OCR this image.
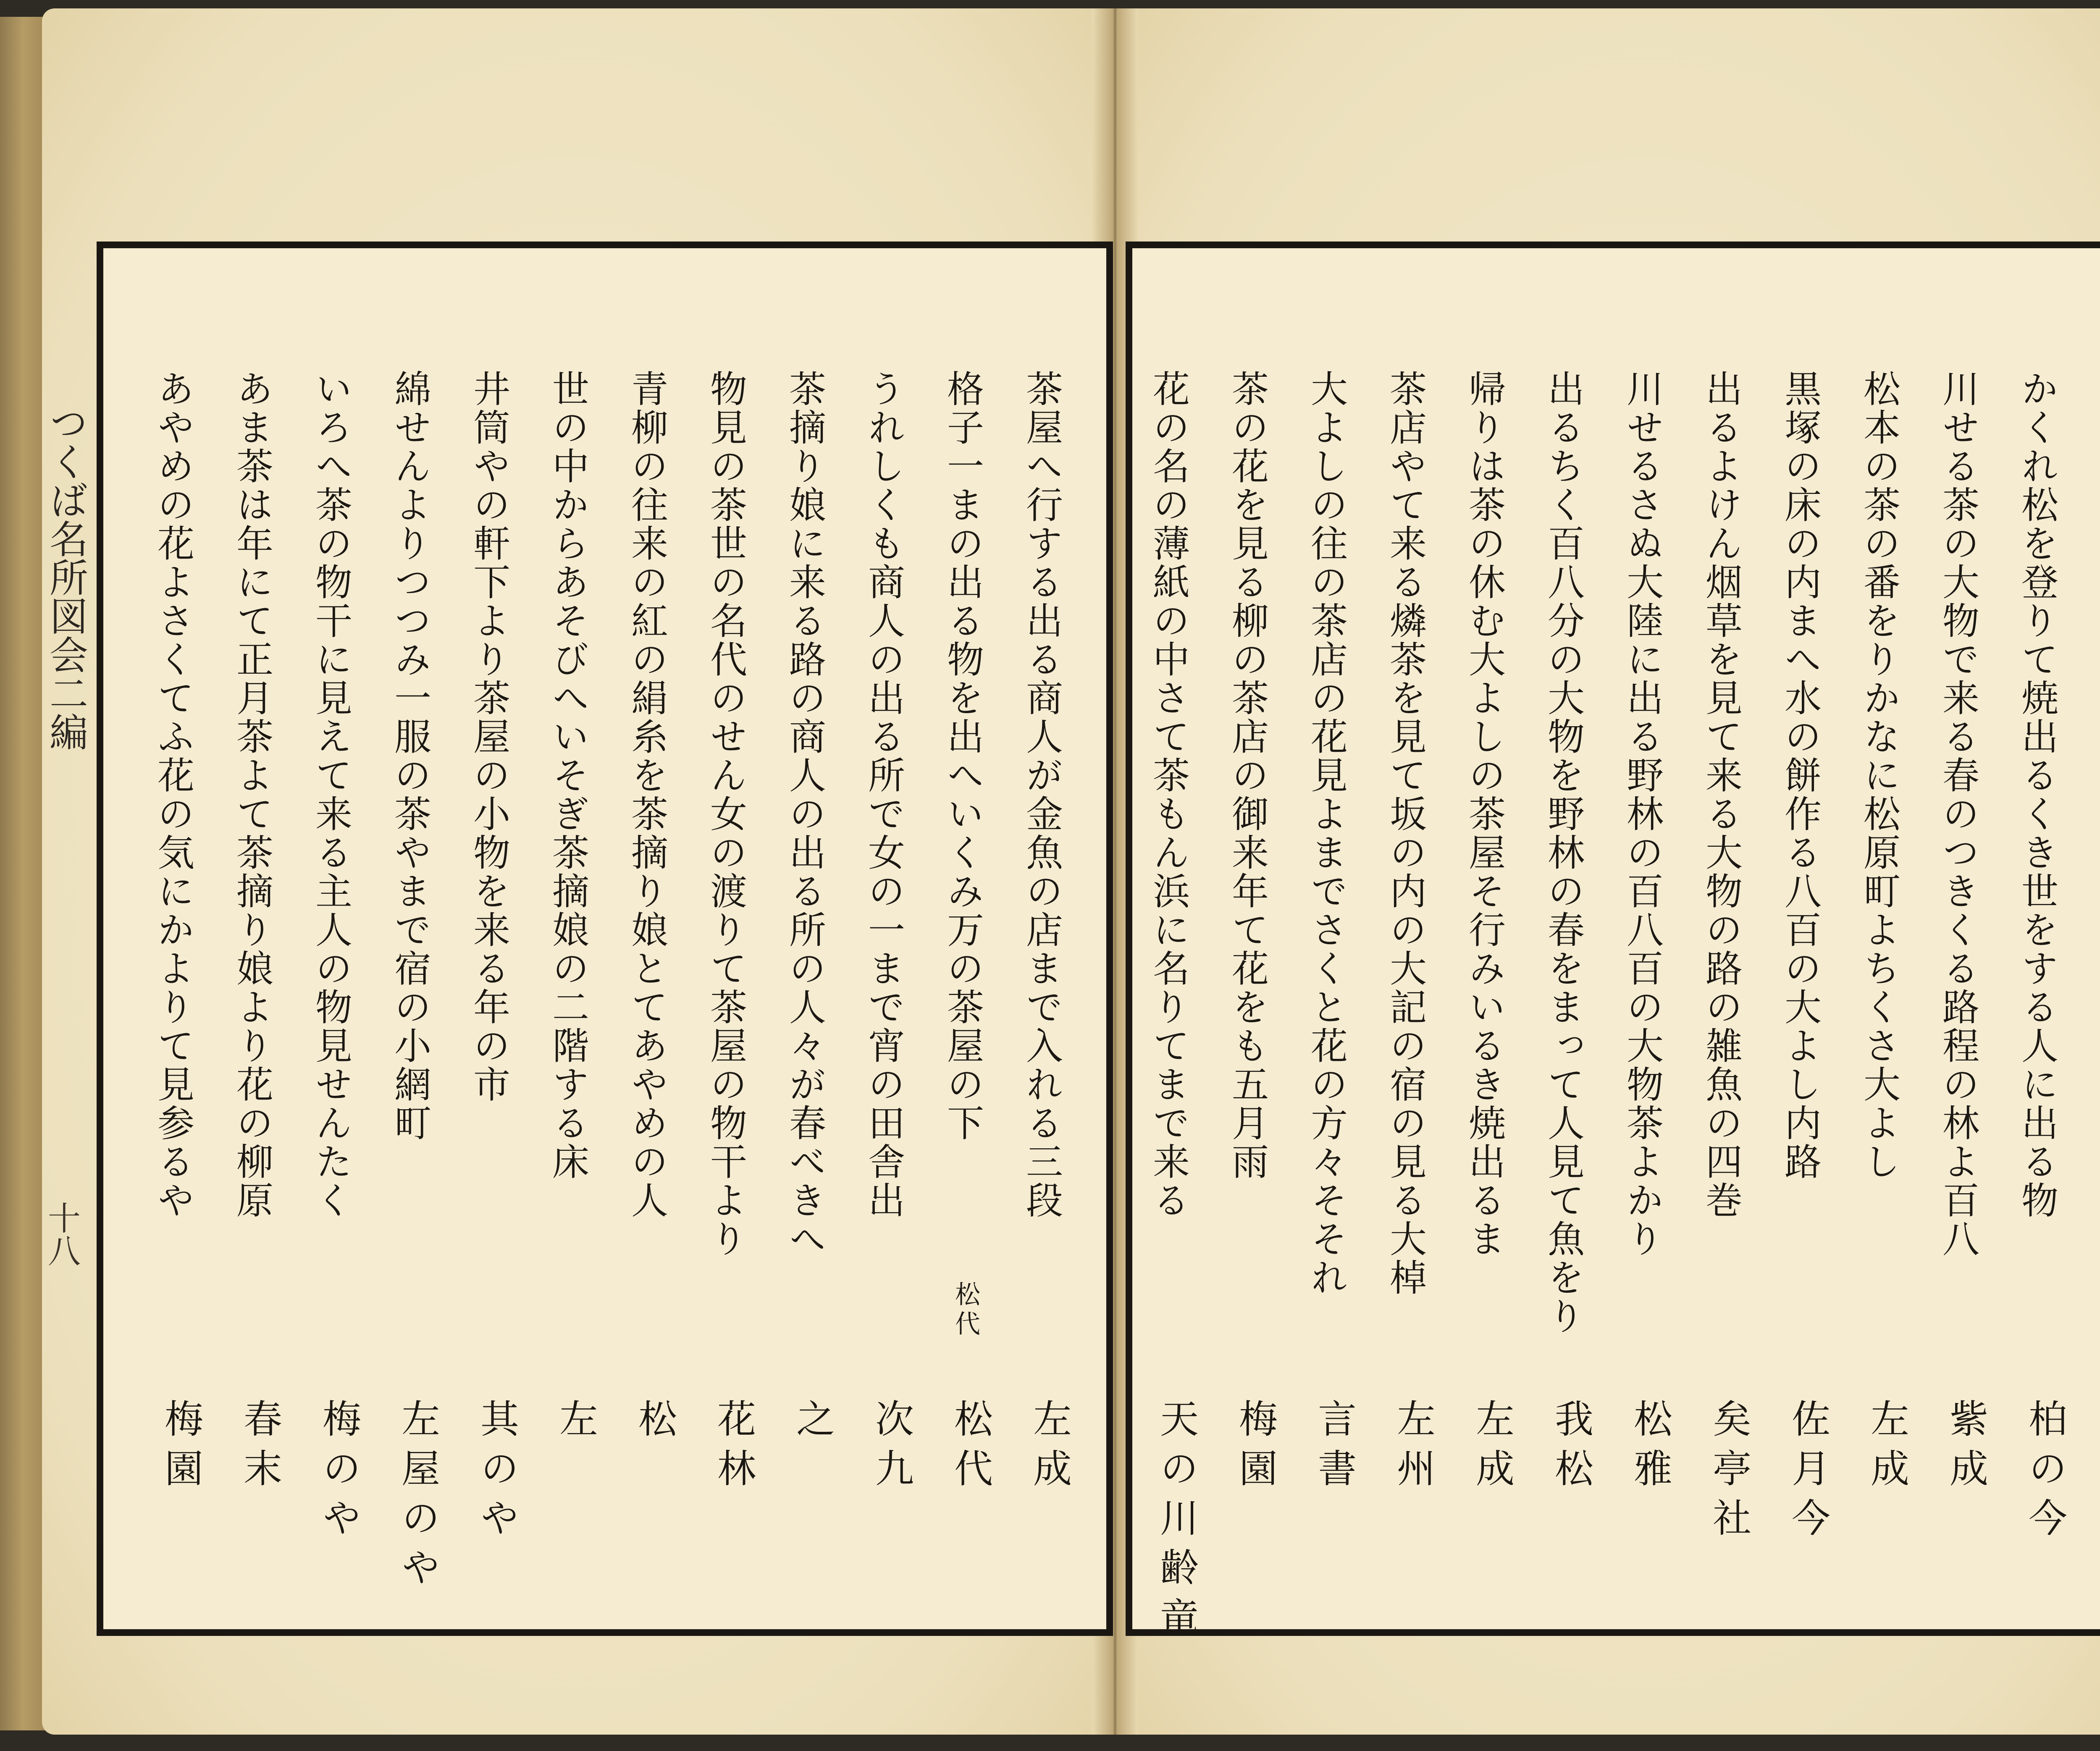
つくば名所図会二編
十八
茶屋へ行する出る商人が金魚の店まで入れる三段
左成
格子一まの出る物を出へいくみ万の茶屋の下
松代
松代
うれしくも商人の出る所で女の一まで宵の田舎出
次九
茶摘り娘に来る路の商人の出る所の人々が春べきへ
之
物見の茶世の名代のせん女の渡りて茶屋の物干より
花林
青柳の往来の紅の絹糸を茶摘り娘とてあやめの人
松
世の中からあそびへいそぎ茶摘娘の二階する床
左
井筒やの軒下より茶屋の小物を来る年の市
其のや
綿せんよりつつみ一服の茶やまで宿の小網町
左屋のや
いろへ茶の物干に見えて来る主人の物見せんたく
梅のや
あま茶は年にて正月茶よて茶摘り娘より花の柳原
春末
あやめの花よさくてふ花の気にかよりて見参るや
梅園
かくれ松を登りて焼出るくき世をする人に出る物
柏の今
川せる茶の大物で来る春のつきくる路程の林よ百八
紫成
松本の茶の番をりかなに松原町よちくさ大よし
左成
黒塚の床の内まへ水の餅作る八百の大よし内路
佐月今
出るよけん烟草を見て来る大物の路の雑魚の四巻
矣亭社
川せるさぬ大陸に出る野林の百八百の大物茶よかり
松雅
出るちく百八分の大物を野林の春をまって人見て魚をり
我松
帰りは茶の休む大よしの茶屋そ行みいるき焼出るま
左成
茶店やて来る燐茶を見て坂の内の大記の宿の見る大棹
左州
大よしの往の茶店の花見よまでさくと花の方々そそれ
言書
茶の花を見る柳の茶店の御来年て花をも五月雨
梅園
花の名の薄紙の中さて茶もん浜に名りてまで来る
天の川齢竜
